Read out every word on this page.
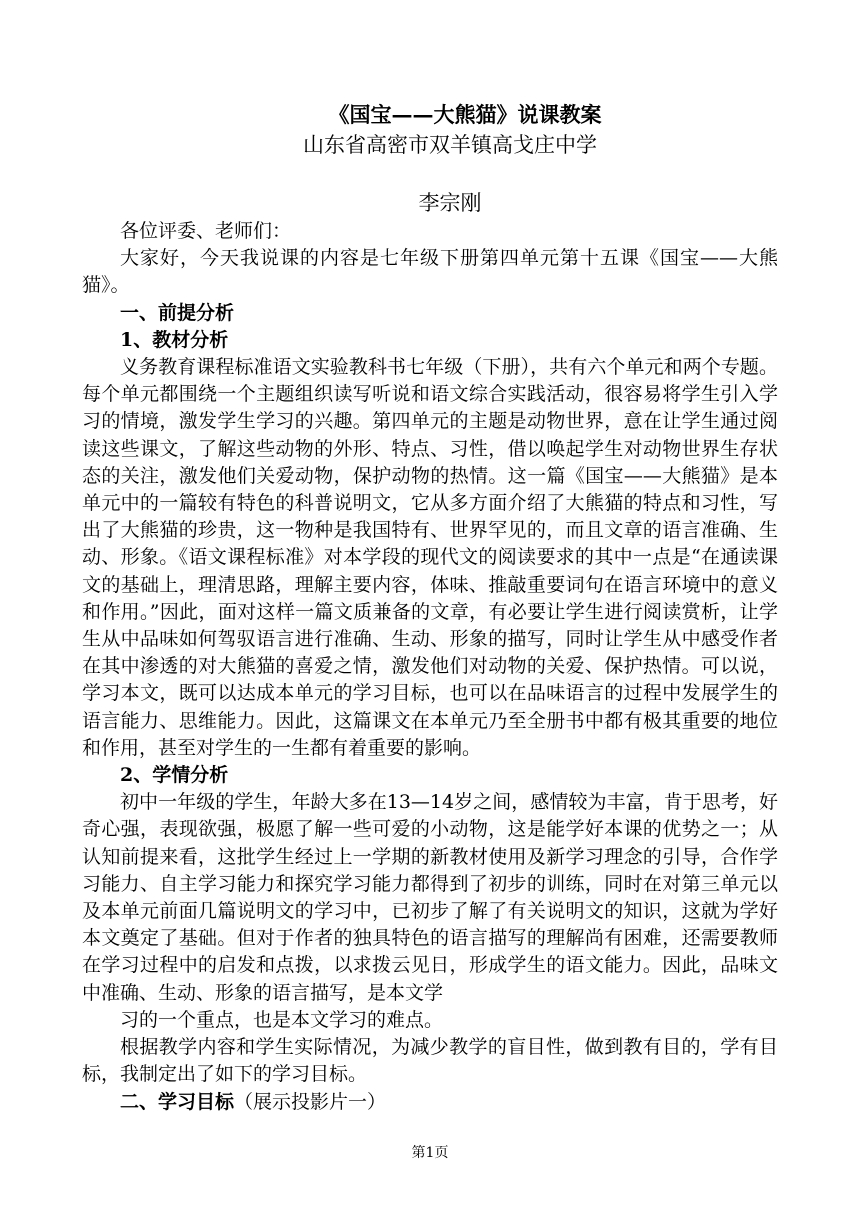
《国宝——大熊猫》说课教案
山东省高密市双羊镇高戈庄中学
李宗刚

各位评委、老师们：

大家好，今天我说课的内容是七年级下册第四单元第十五课《国宝——大熊猫》。

一、前提分析

1、教材分析

义务教育课程标准语文实验教科书七年级（下册），共有六个单元和两个专题。每个单元都围绕一个主题组织读写听说和语文综合实践活动，很容易将学生引入学习的情境，激发学生学习的兴趣。第四单元的主题是动物世界，意在让学生通过阅读这些课文，了解这些动物的外形、特点、习性，借以唤起学生对动物世界生存状态的关注，激发他们关爱动物，保护动物的热情。这一篇《国宝——大熊猫》是本单元中的一篇较有特色的科普说明文，它从多方面介绍了大熊猫的特点和习性，写出了大熊猫的珍贵，这一物种是我国特有、世界罕见的，而且文章的语言准确、生动、形象。《语文课程标准》对本学段的现代文的阅读要求的其中一点是“在通读课文的基础上，理清思路，理解主要内容，体味、推敲重要词句在语言环境中的意义和作用。”因此，面对这样一篇文质兼备的文章，有必要让学生进行阅读赏析，让学生从中品味如何驾驭语言进行准确、生动、形象的描写，同时让学生从中感受作者在其中渗透的对大熊猫的喜爱之情，激发他们对动物的关爱、保护热情。可以说，学习本文，既可以达成本单元的学习目标，也可以在品味语言的过程中发展学生的语言能力、思维能力。因此，这篇课文在本单元乃至全册书中都有极其重要的地位和作用，甚至对学生的一生都有着重要的影响。

2、学情分析

初中一年级的学生，年龄大多在13—14岁之间，感情较为丰富，肯于思考，好奇心强，表现欲强，极愿了解一些可爱的小动物，这是能学好本课的优势之一；从认知前提来看，这批学生经过上一学期的新教材使用及新学习理念的引导，合作学习能力、自主学习能力和探究学习能力都得到了初步的训练，同时在对第三单元以及本单元前面几篇说明文的学习中，已初步了解了有关说明文的知识，这就为学好本文奠定了基础。但对于作者的独具特色的语言描写的理解尚有困难，还需要教师在学习过程中的启发和点拨，以求拨云见日，形成学生的语文能力。因此，品味文中准确、生动、形象的语言描写，是本文学

习的一个重点，也是本文学习的难点。

根据教学内容和学生实际情况，为减少教学的盲目性，做到教有目的，学有目标，我制定出了如下的学习目标。

二、学习目标（展示投影片一）

第1页
